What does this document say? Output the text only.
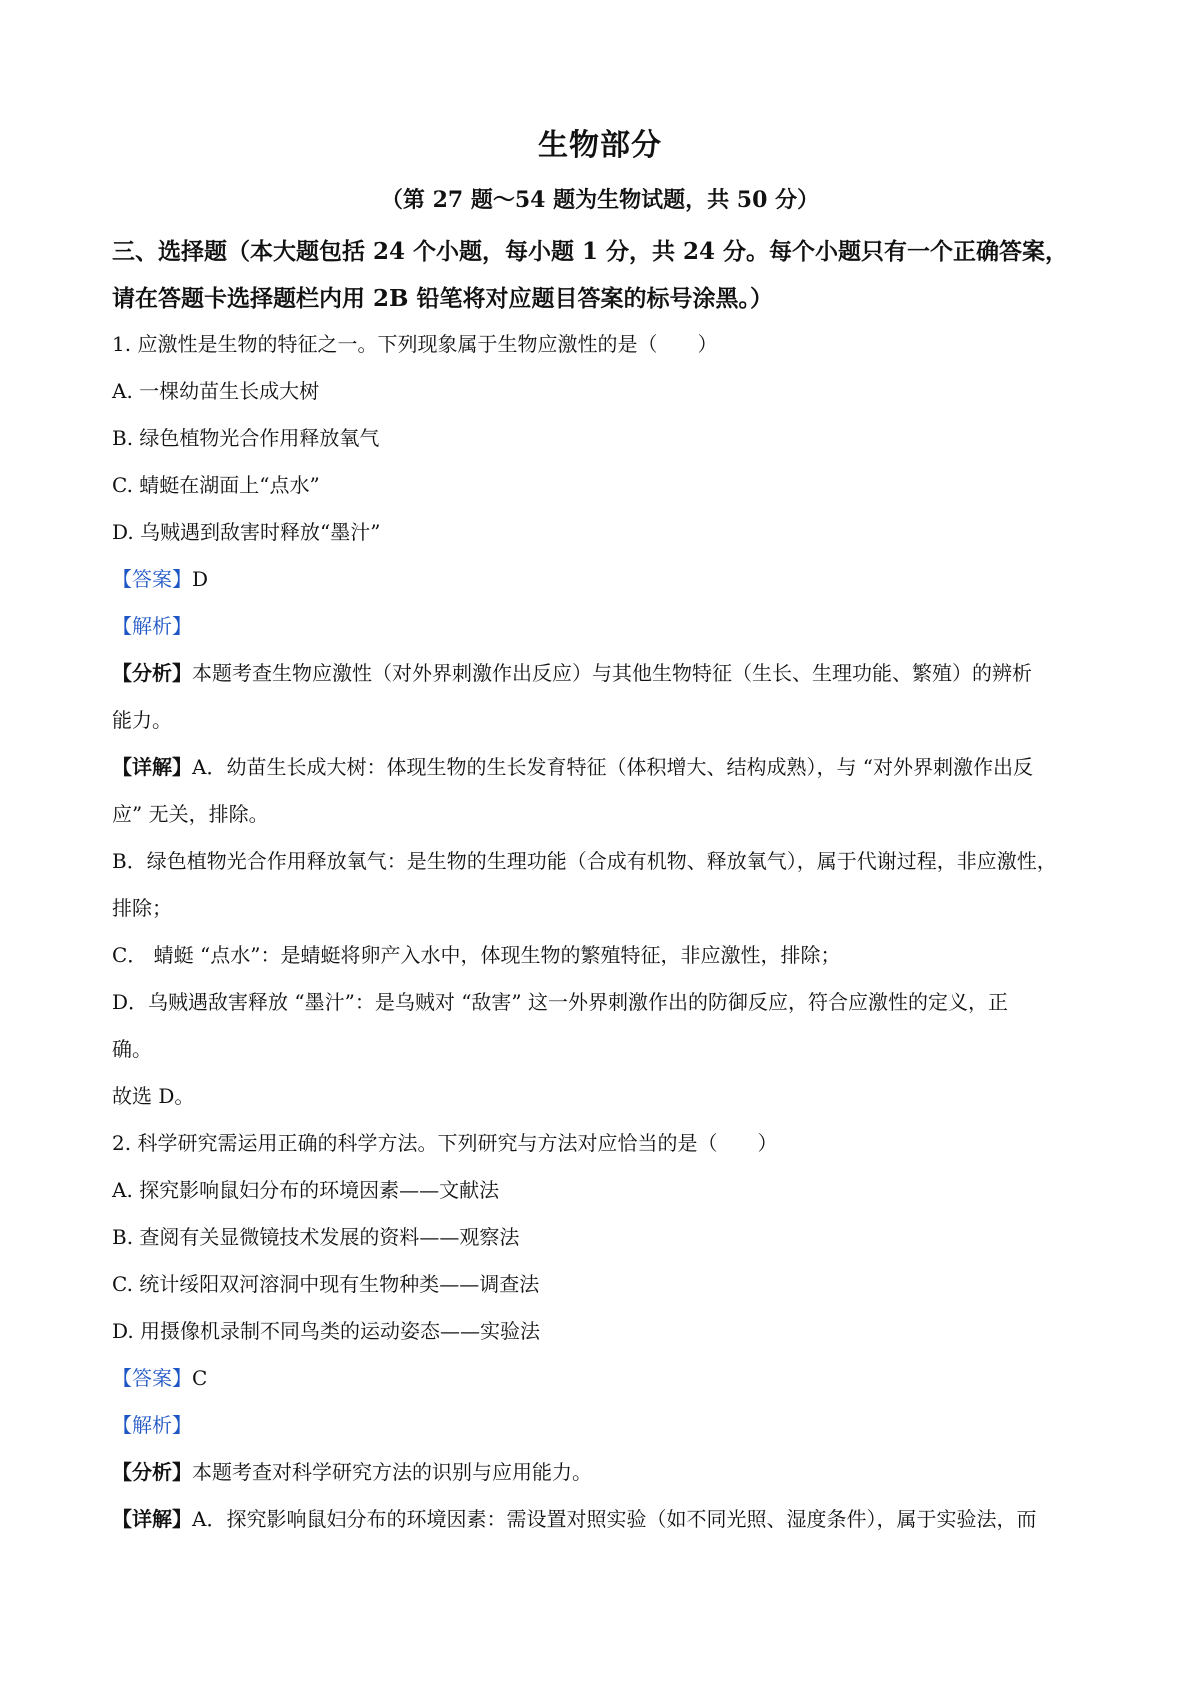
生物部分
（第 27 题～54 题为生物试题，共 50 分）
三、选择题（本大题包括 24 个小题，每小题 1 分，共 24 分。每个小题只有一个正确答案，
请在答题卡选择题栏内用 2B 铅笔将对应题目答案的标号涂黑。）
1. 应激性是生物的特征之一。下列现象属于生物应激性的是（　　）
A. 一棵幼苗生长成大树
B. 绿色植物光合作用释放氧气
C. 蜻蜓在湖面上“点水”
D. 乌贼遇到敌害时释放“墨汁”
【答案】D
【解析】
【分析】本题考查生物应激性（对外界刺激作出反应）与其他生物特征（生长、生理功能、繁殖）的辨析
能力。
【详解】A．幼苗生长成大树：体现生物的生长发育特征（体积增大、结构成熟），与 “对外界刺激作出反
应” 无关，排除。
B．绿色植物光合作用释放氧气：是生物的生理功能（合成有机物、释放氧气），属于代谢过程，非应激性，
排除；
C． 蜻蜓 “点水”：是蜻蜓将卵产入水中，体现生物的繁殖特征，非应激性，排除；
D．乌贼遇敌害释放 “墨汁”：是乌贼对 “敌害” 这一外界刺激作出的防御反应，符合应激性的定义，正
确。
故选 D。
2. 科学研究需运用正确的科学方法。下列研究与方法对应恰当的是（　　）
A. 探究影响鼠妇分布的环境因素——文献法
B. 查阅有关显微镜技术发展的资料——观察法
C. 统计绥阳双河溶洞中现有生物种类——调查法
D. 用摄像机录制不同鸟类的运动姿态——实验法
【答案】C
【解析】
【分析】本题考查对科学研究方法的识别与应用能力。
【详解】A．探究影响鼠妇分布的环境因素：需设置对照实验（如不同光照、湿度条件），属于实验法，而
